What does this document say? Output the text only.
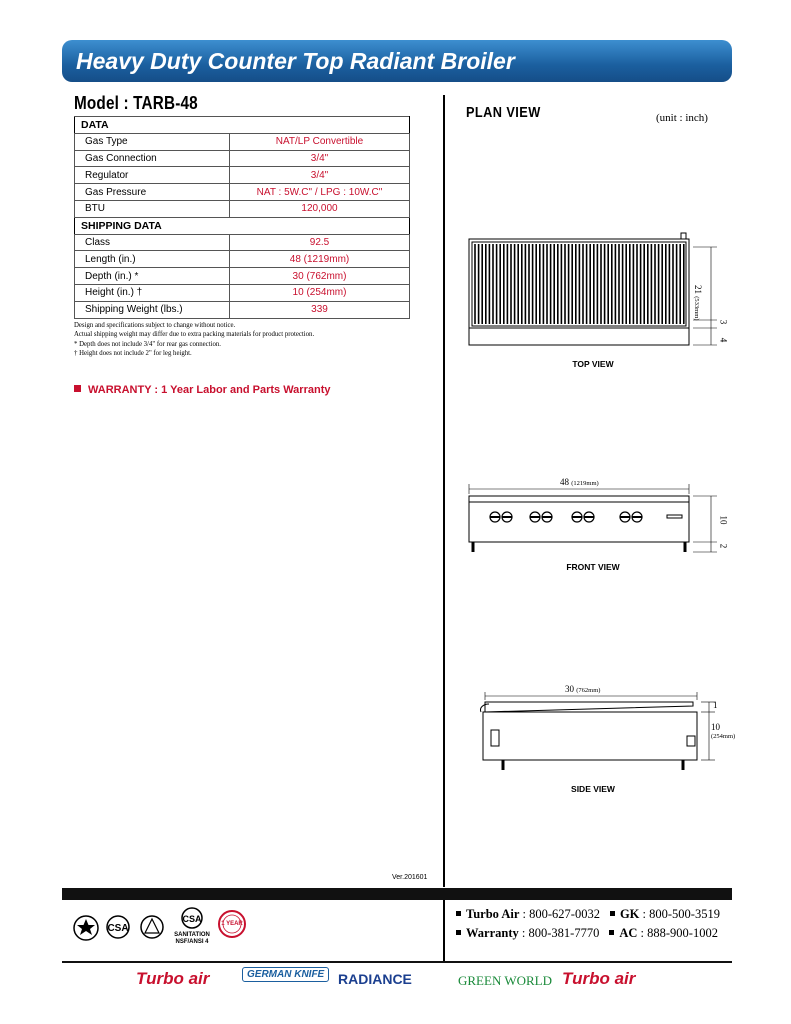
Heavy Duty Counter Top Radiant Broiler
Model : TARB-48
DATA	
Gas Type	NAT/LP Convertible
Gas Connection	3/4"
Regulator	3/4"
Gas Pressure	NAT : 5W.C" / LPG : 10W.C"
BTU	120,000
SHIPPING DATA	
Class	92.5
Length (in.)	48 (1219mm)
Depth (in.) *	30 (762mm)
Height (in.) †	10 (254mm)
Shipping Weight (lbs.)	339
Design and specifications subject to change without notice.
Actual shipping weight may differ due to extra packing materials for product protection.
* Depth does not include 3/4" for rear gas connection.
† Height does not include 2" for leg height.
WARRANTY : 1 Year Labor and Parts Warranty
PLAN VIEW	(unit : inch)
21 (533mm)
3
4
TOP VIEW
48 (1219mm)
10
2
FRONT VIEW
30 (762mm)
1
10
(254mm)
SIDE VIEW
Ver.201601
CSA
CSA
SANITATION
NSF/ANSI 4
1 YEAR
Turbo Air : 800-627-0032 GK : 800-500-3519
Warranty : 800-381-7770 AC : 888-900-1002
Turbo air	GERMAN KNIFE RADIANCE	GREEN WORLD Turbo air
